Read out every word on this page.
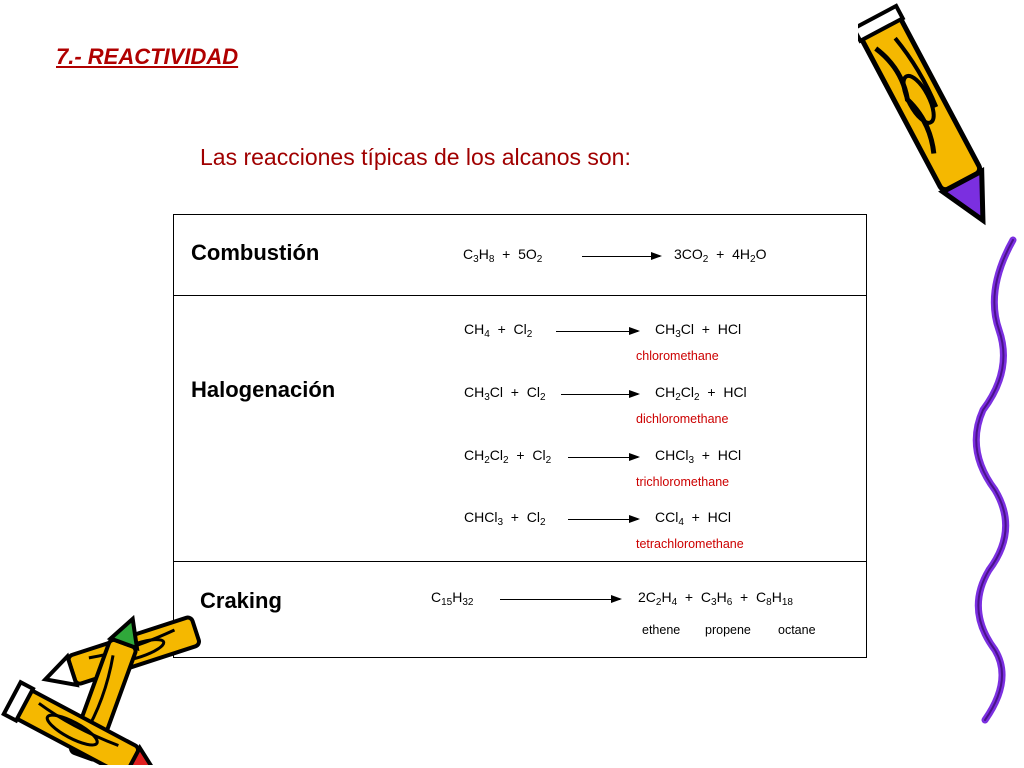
7.- REACTIVIDAD
Las reacciones típicas de los alcanos son:
Combustión	$C_3H_8 + 5O_2$	$3CO_2 + 4H_2O$
Halogenación
$CH_4 + Cl_2$	$CH_3Cl$  +  HCl
chloromethane
$CH_3Cl + Cl_2$	$CH_2Cl_2$  +  HCl
dichloromethane
$CH_2Cl_2 + Cl_2$	CHCl$_3$  +  HCl
trichloromethane
CHCl$_3$  +  $Cl_2$	CCl$_4$  +  HCl
tetrachloromethane
Craking	$C_{15}H_{32}$	$2C_2H_4 + C_3H_6 + C_8H_{18}$
ethene propene octane
